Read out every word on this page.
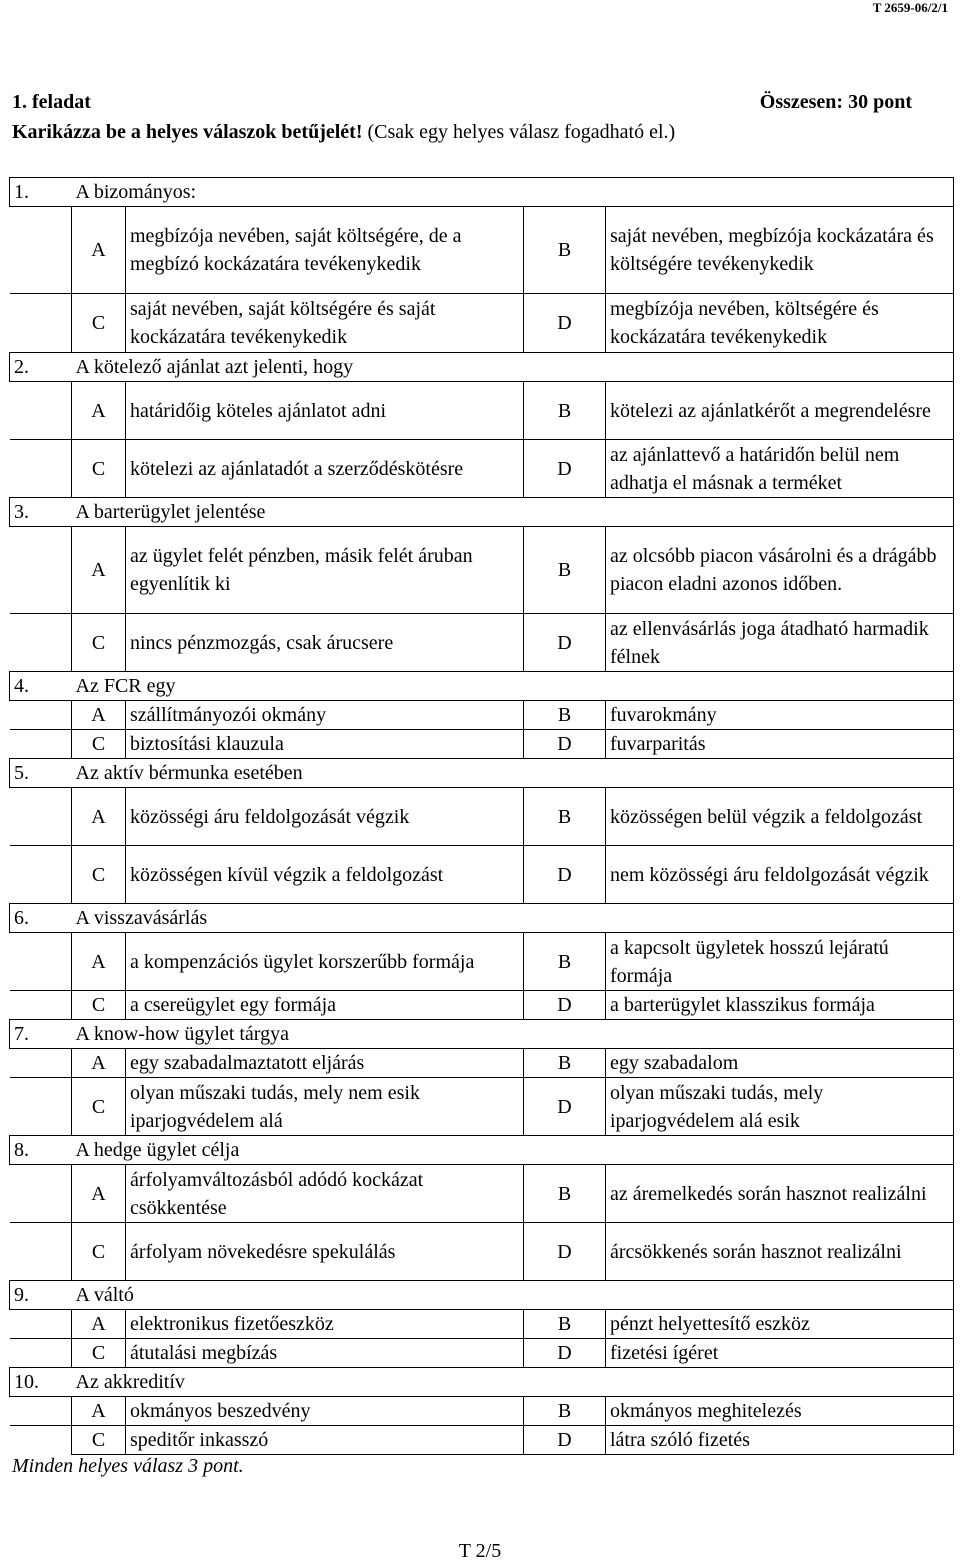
T 2659-06/2/1
1. feladat	Összesen: 30 pont
Karikázza be a helyes válaszok betűjelét! (Csak egy helyes válasz fogadható el.)
1.	A bizományos:			
	A	megbízója nevében, saját költségére, de a megbízó kockázatára tevékenykedik	B	saját nevében, megbízója kockázatára és költségére tevékenykedik
	C	saját nevében, saját költségére és saját kockázatára tevékenykedik	D	megbízója nevében, költségére és kockázatára tevékenykedik
2.	A kötelező ajánlat azt jelenti, hogy			
	A	határidőig köteles ajánlatot adni	B	kötelezi az ajánlatkérőt a megrendelésre
	C	kötelezi az ajánlatadót a szerződéskötésre	D	az ajánlattevő a határidőn belül nem adhatja el másnak a terméket
3.	A barterügylet jelentése			
	A	az ügylet felét pénzben, másik felét áruban egyenlítik ki	B	az olcsóbb piacon vásárolni és a drágább piacon eladni azonos időben.
	C	nincs pénzmozgás, csak árucsere	D	az ellenvásárlás joga átadható harmadik félnek
4.	Az FCR egy			
	A	szállítmányozói okmány	B	fuvarokmány
	C	biztosítási klauzula	D	fuvarparitás
5.	Az aktív bérmunka esetében			
	A	közösségi áru feldolgozását végzik	B	közösségen belül végzik a feldolgozást
	C	közösségen kívül végzik a feldolgozást	D	nem közösségi áru feldolgozását végzik
6.	A visszavásárlás			
	A	a kompenzációs ügylet korszerűbb formája	B	a kapcsolt ügyletek hosszú lejáratú formája
	C	a csereügylet egy formája	D	a barterügylet klasszikus formája
7.	A know-how ügylet tárgya			
	A	egy szabadalmaztatott eljárás	B	egy szabadalom
	C	olyan műszaki tudás, mely nem esik iparjogvédelem alá	D	olyan műszaki tudás, mely iparjogvédelem alá esik
8.	A hedge ügylet célja			
	A	árfolyamváltozásból adódó kockázat csökkentése	B	az áremelkedés során hasznot realizálni
	C	árfolyam növekedésre spekulálás	D	árcsökkenés során hasznot realizálni
9.	A váltó			
	A	elektronikus fizetőeszköz	B	pénzt helyettesítő eszköz
	C	átutalási megbízás	D	fizetési ígéret
10.	Az akkreditív			
	A	okmányos beszedvény	B	okmányos meghitelezés
	C	speditőr inkasszó	D	látra szóló fizetés
Minden helyes válasz 3 pont.
T 2/5
